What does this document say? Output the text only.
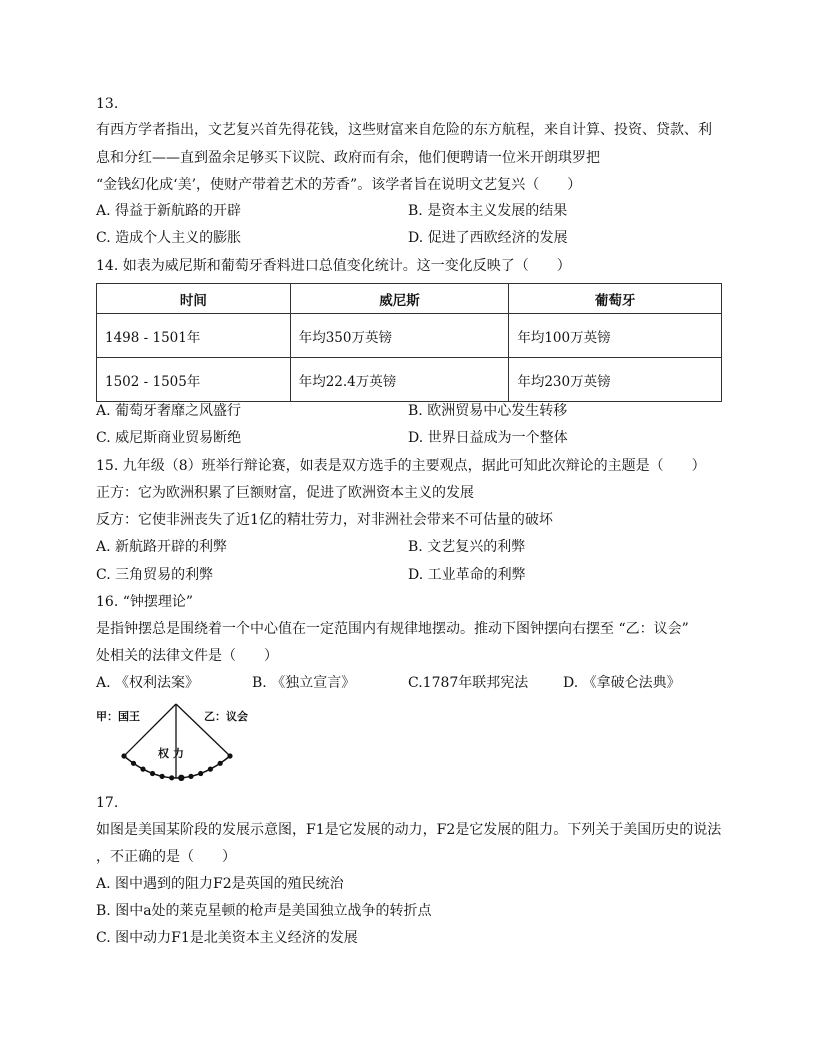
13.
有西方学者指出，文艺复兴首先得花钱，这些财富来自危险的东方航程，来自计算、投资、贷款、利
息和分红——直到盈余足够买下议院、政府而有余，他们便聘请一位米开朗琪罗把
“金钱幻化成‘美’，使财产带着艺术的芳香”。该学者旨在说明文艺复兴（　　）
A. 得益于新航路的开辟	B. 是资本主义发展的结果
C. 造成个人主义的膨胀	D. 促进了西欧经济的发展
14. 如表为威尼斯和葡萄牙香料进口总值变化统计。这一变化反映了（　　）
时间	威尼斯	葡萄牙
1498 - 1501年	年均350万英镑	年均100万英镑
1502 - 1505年	年均22.4万英镑	年均230万英镑
A. 葡萄牙奢靡之风盛行	B. 欧洲贸易中心发生转移
C. 威尼斯商业贸易断绝	D. 世界日益成为一个整体
15. 九年级（8）班举行辩论赛，如表是双方选手的主要观点，据此可知此次辩论的主题是（　　）
正方：它为欧洲积累了巨额财富，促进了欧洲资本主义的发展
反方：它使非洲丧失了近1亿的精壮劳力，对非洲社会带来不可估量的破坏
A. 新航路开辟的利弊	B. 文艺复兴的利弊
C. 三角贸易的利弊	D. 工业革命的利弊
16. “钟摆理论”
是指钟摆总是围绕着一个中心值在一定范围内有规律地摆动。推动下图钟摆向右摆至 “乙：议会”
处相关的法律文件是（　　）
A. 《权利法案》	B. 《独立宣言》	C.1787年联邦宪法 D. 《拿破仑法典》
甲：国王	乙：议会
权 力
17.
如图是美国某阶段的发展示意图，F1是它发展的动力，F2是它发展的阻力。下列关于美国历史的说法
，不正确的是（　　）
A. 图中遇到的阻力F2是英国的殖民统治
B. 图中a处的莱克星顿的枪声是美国独立战争的转折点
C. 图中动力F1是北美资本主义经济的发展
